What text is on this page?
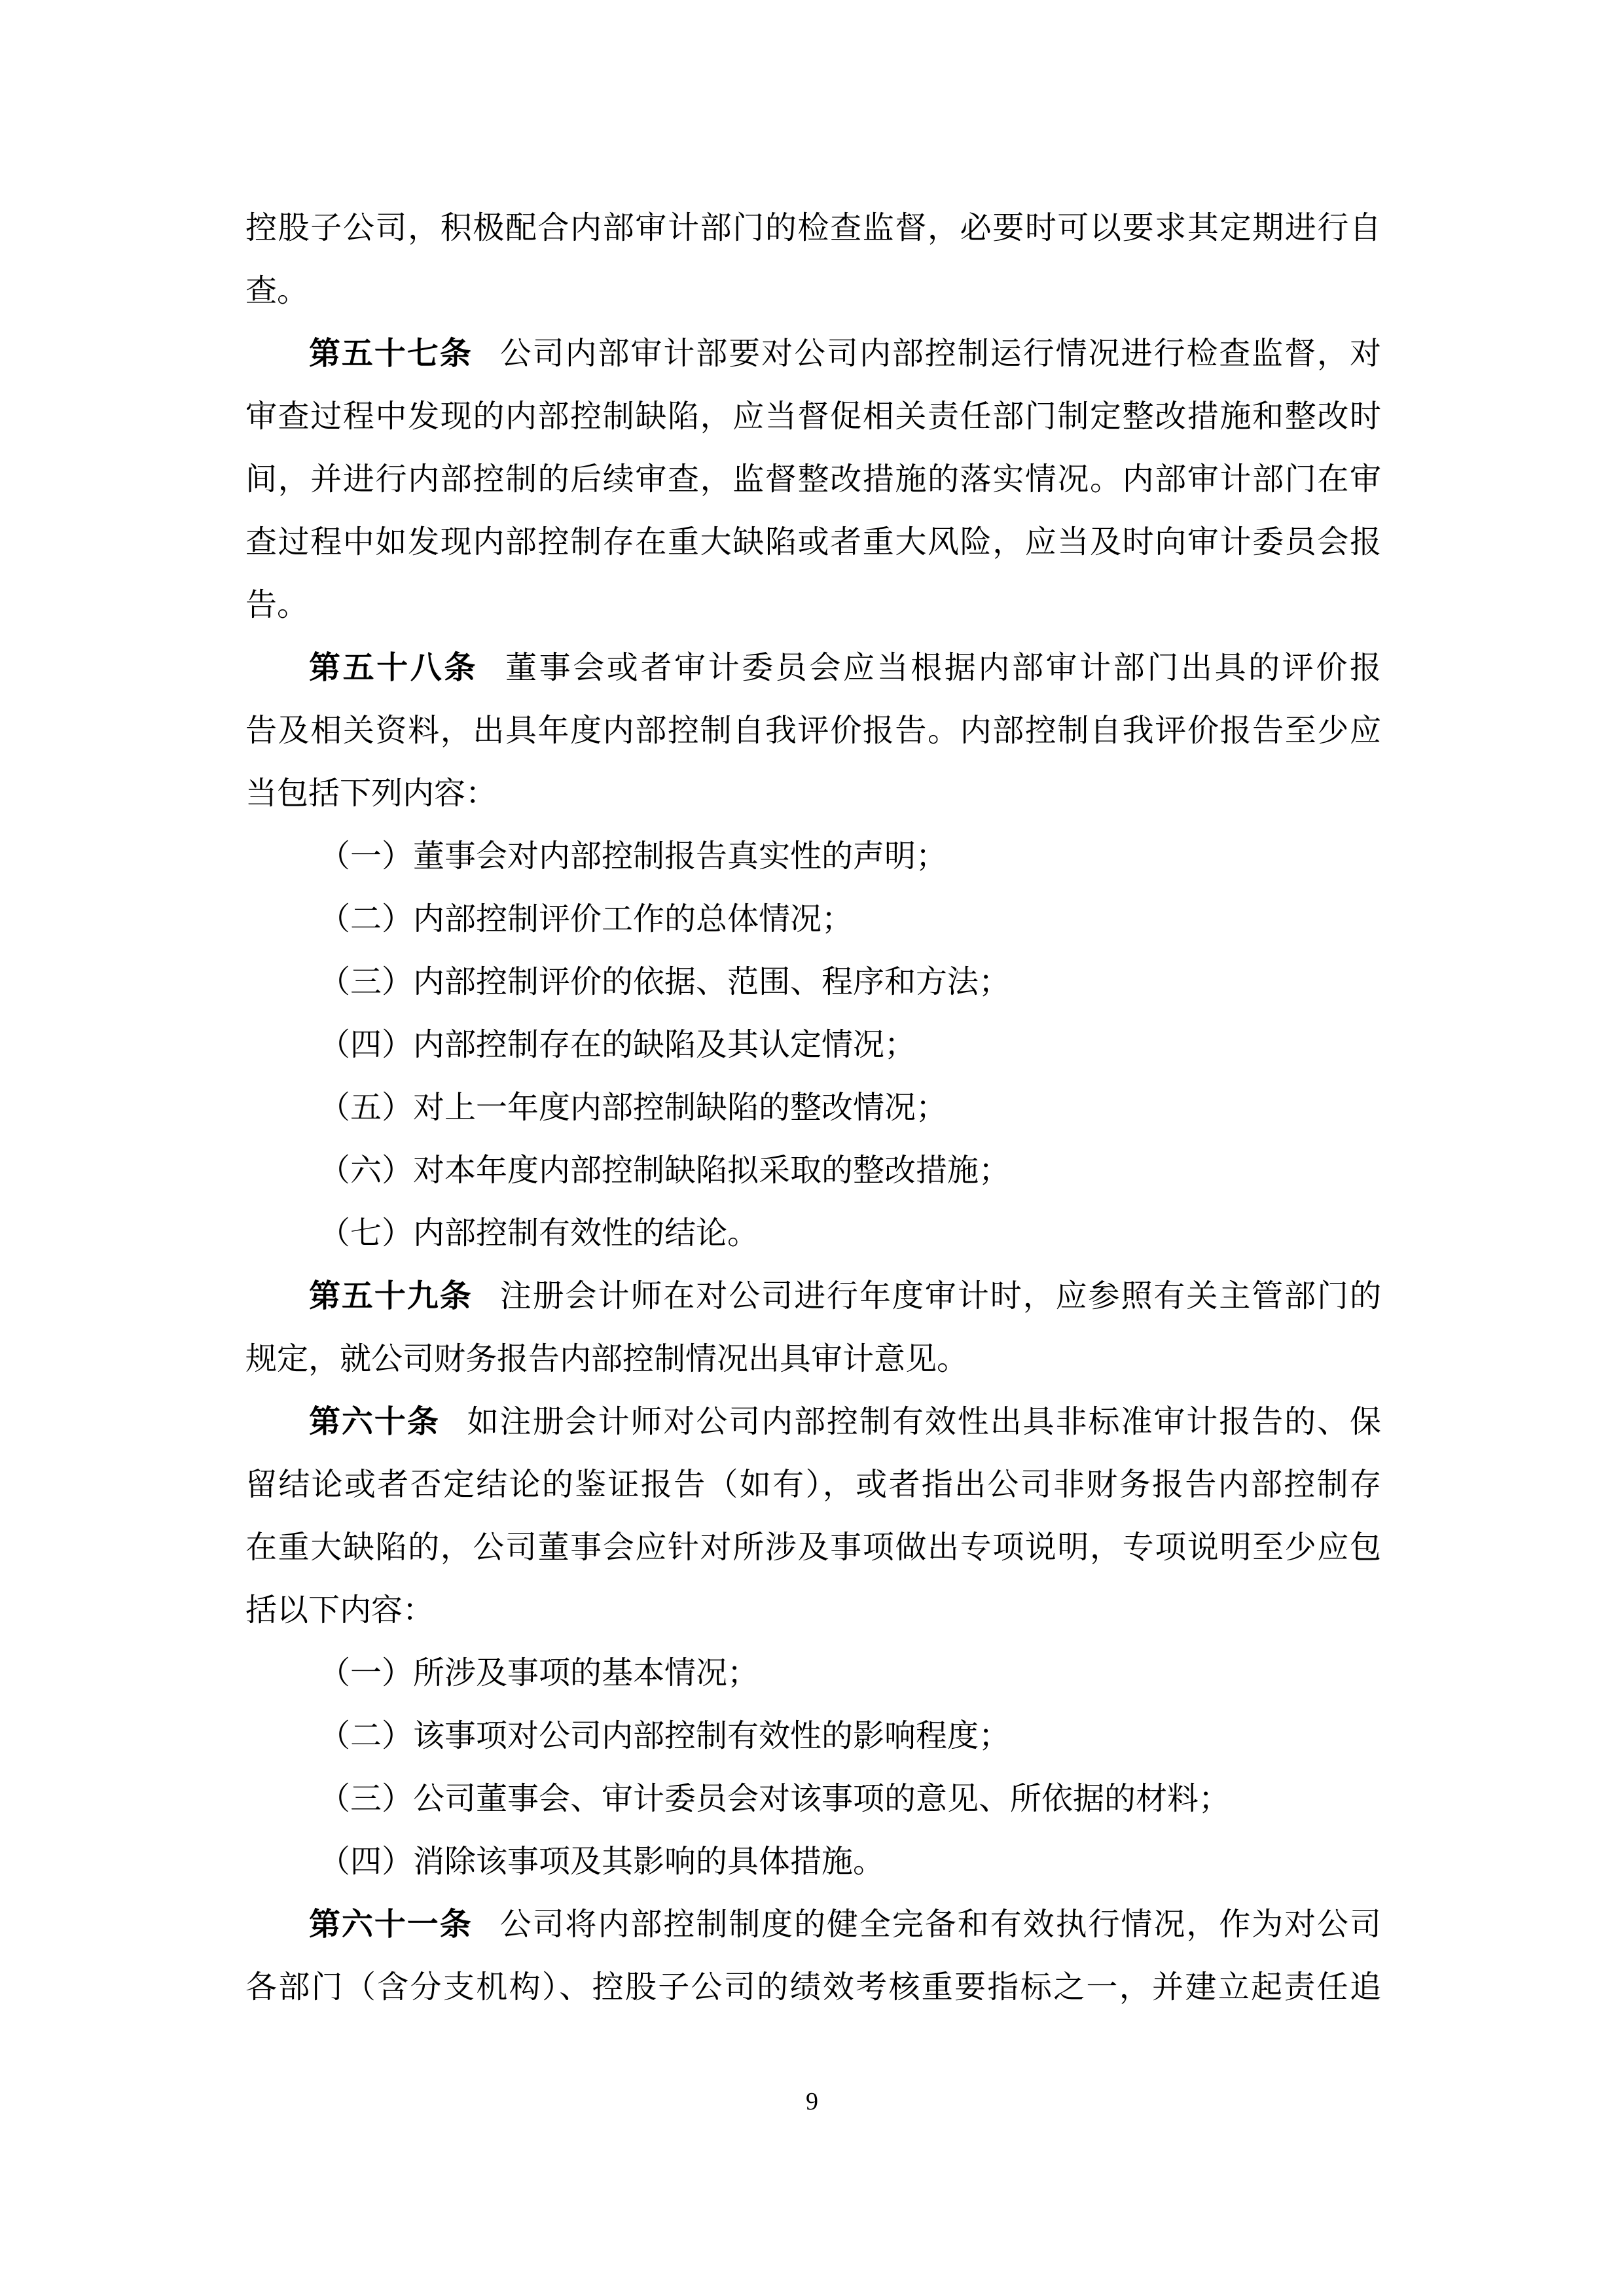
控股子公司，积极配合内部审计部门的检查监督，必要时可以要求其定期进行自

查。

第五十七条 公司内部审计部要对公司内部控制运行情况进行检查监督，对

审查过程中发现的内部控制缺陷，应当督促相关责任部门制定整改措施和整改时

间，并进行内部控制的后续审查，监督整改措施的落实情况。内部审计部门在审

查过程中如发现内部控制存在重大缺陷或者重大风险，应当及时向审计委员会报

告。

第五十八条 董事会或者审计委员会应当根据内部审计部门出具的评价报

告及相关资料，出具年度内部控制自我评价报告。内部控制自我评价报告至少应

当包括下列内容：

（一）董事会对内部控制报告真实性的声明；

（二）内部控制评价工作的总体情况；

（三）内部控制评价的依据、范围、程序和方法；

（四）内部控制存在的缺陷及其认定情况；

（五）对上一年度内部控制缺陷的整改情况；

（六）对本年度内部控制缺陷拟采取的整改措施；

（七）内部控制有效性的结论。

第五十九条 注册会计师在对公司进行年度审计时，应参照有关主管部门的

规定，就公司财务报告内部控制情况出具审计意见。

第六十条 如注册会计师对公司内部控制有效性出具非标准审计报告的、保

留结论或者否定结论的鉴证报告（如有），或者指出公司非财务报告内部控制存

在重大缺陷的，公司董事会应针对所涉及事项做出专项说明，专项说明至少应包

括以下内容：

（一）所涉及事项的基本情况；

（二）该事项对公司内部控制有效性的影响程度；

（三）公司董事会、审计委员会对该事项的意见、所依据的材料；

（四）消除该事项及其影响的具体措施。

第六十一条 公司将内部控制制度的健全完备和有效执行情况，作为对公司

各部门（含分支机构）、控股子公司的绩效考核重要指标之一，并建立起责任追

9
